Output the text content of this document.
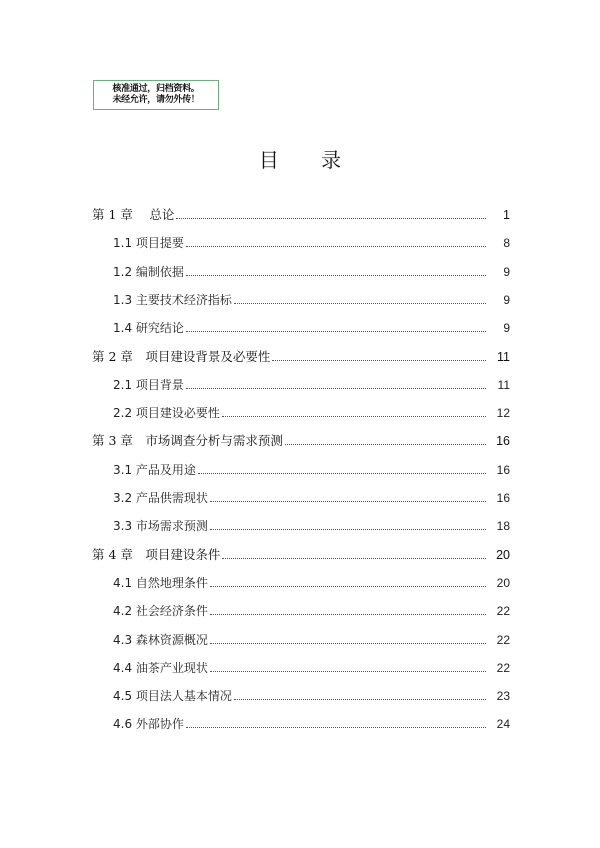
核准通过，归档资料。
未经允许，请勿外传！
目 录
第 1 章　 总论	1
1.1 项目提要	8
1.2 编制依据	9
1.3 主要技术经济指标	9
1.4 研究结论	9
第 2 章　项目建设背景及必要性	11
2.1 项目背景	11
2.2 项目建设必要性	12
第 3 章　市场调查分析与需求预测	16
3.1 产品及用途	16
3.2 产品供需现状	16
3.3 市场需求预测	18
第 4 章　项目建设条件	20
4.1 自然地理条件	20
4.2 社会经济条件	22
4.3 森林资源概况	22
4.4 油茶产业现状	22
4.5 项目法人基本情况	23
4.6 外部协作	24
